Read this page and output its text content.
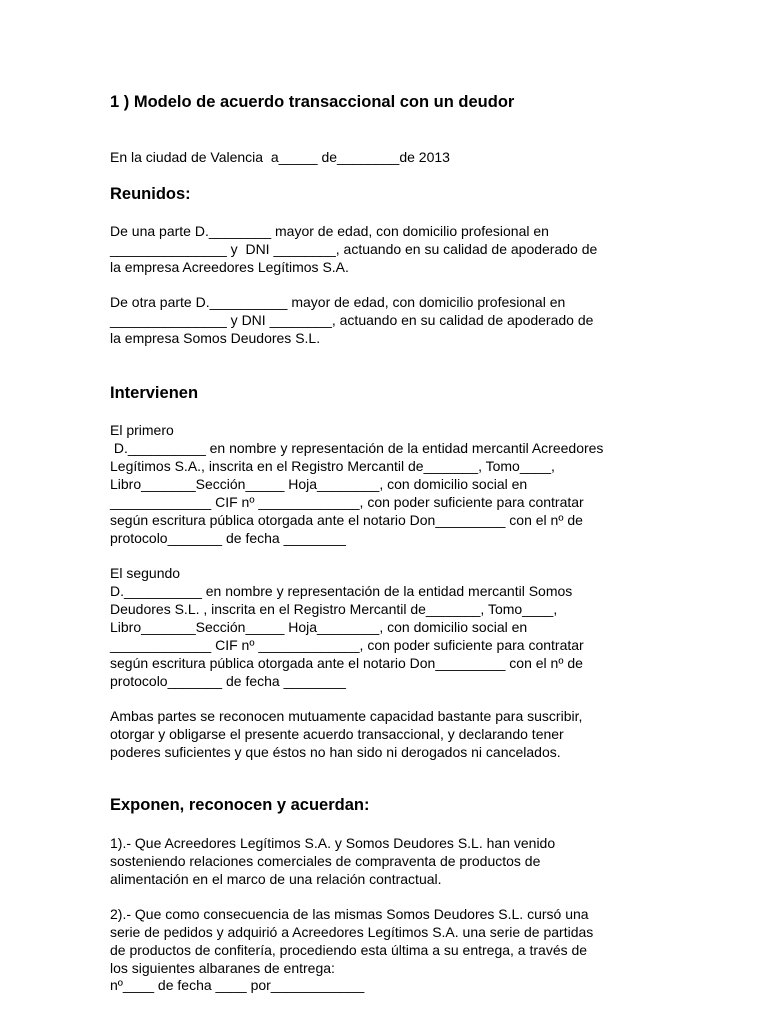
1 ) Modelo de acuerdo transaccional con un deudor
En la ciudad de Valencia  a_____ de________de 2013
Reunidos:
De una parte D.________ mayor de edad, con domicilio profesional en
_______________ y  DNI ________, actuando en su calidad de apoderado de
la empresa Acreedores Legítimos S.A.
De otra parte D.__________ mayor de edad, con domicilio profesional en
_______________ y DNI ________, actuando en su calidad de apoderado de
la empresa Somos Deudores S.L.
Intervienen
El primero
D.__________ en nombre y representación de la entidad mercantil Acreedores
Legítimos S.A., inscrita en el Registro Mercantil de_______, Tomo____,
Libro_______Sección_____ Hoja________, con domicilio social en
_____________ CIF nº _____________, con poder suficiente para contratar
según escritura pública otorgada ante el notario Don_________ con el nº de
protocolo_______ de fecha ________
El segundo
D.__________ en nombre y representación de la entidad mercantil Somos
Deudores S.L. , inscrita en el Registro Mercantil de_______, Tomo____,
Libro_______Sección_____ Hoja________, con domicilio social en
_____________ CIF nº _____________, con poder suficiente para contratar
según escritura pública otorgada ante el notario Don_________ con el nº de
protocolo_______ de fecha ________
Ambas partes se reconocen mutuamente capacidad bastante para suscribir,
otorgar y obligarse el presente acuerdo transaccional, y declarando tener
poderes suficientes y que éstos no han sido ni derogados ni cancelados.
Exponen, reconocen y acuerdan:
1).- Que Acreedores Legítimos S.A. y Somos Deudores S.L. han venido
sosteniendo relaciones comerciales de compraventa de productos de
alimentación en el marco de una relación contractual.
2).- Que como consecuencia de las mismas Somos Deudores S.L. cursó una
serie de pedidos y adquirió a Acreedores Legítimos S.A. una serie de partidas
de productos de confitería, procediendo esta última a su entrega, a través de
los siguientes albaranes de entrega:
nº____ de fecha ____ por____________
